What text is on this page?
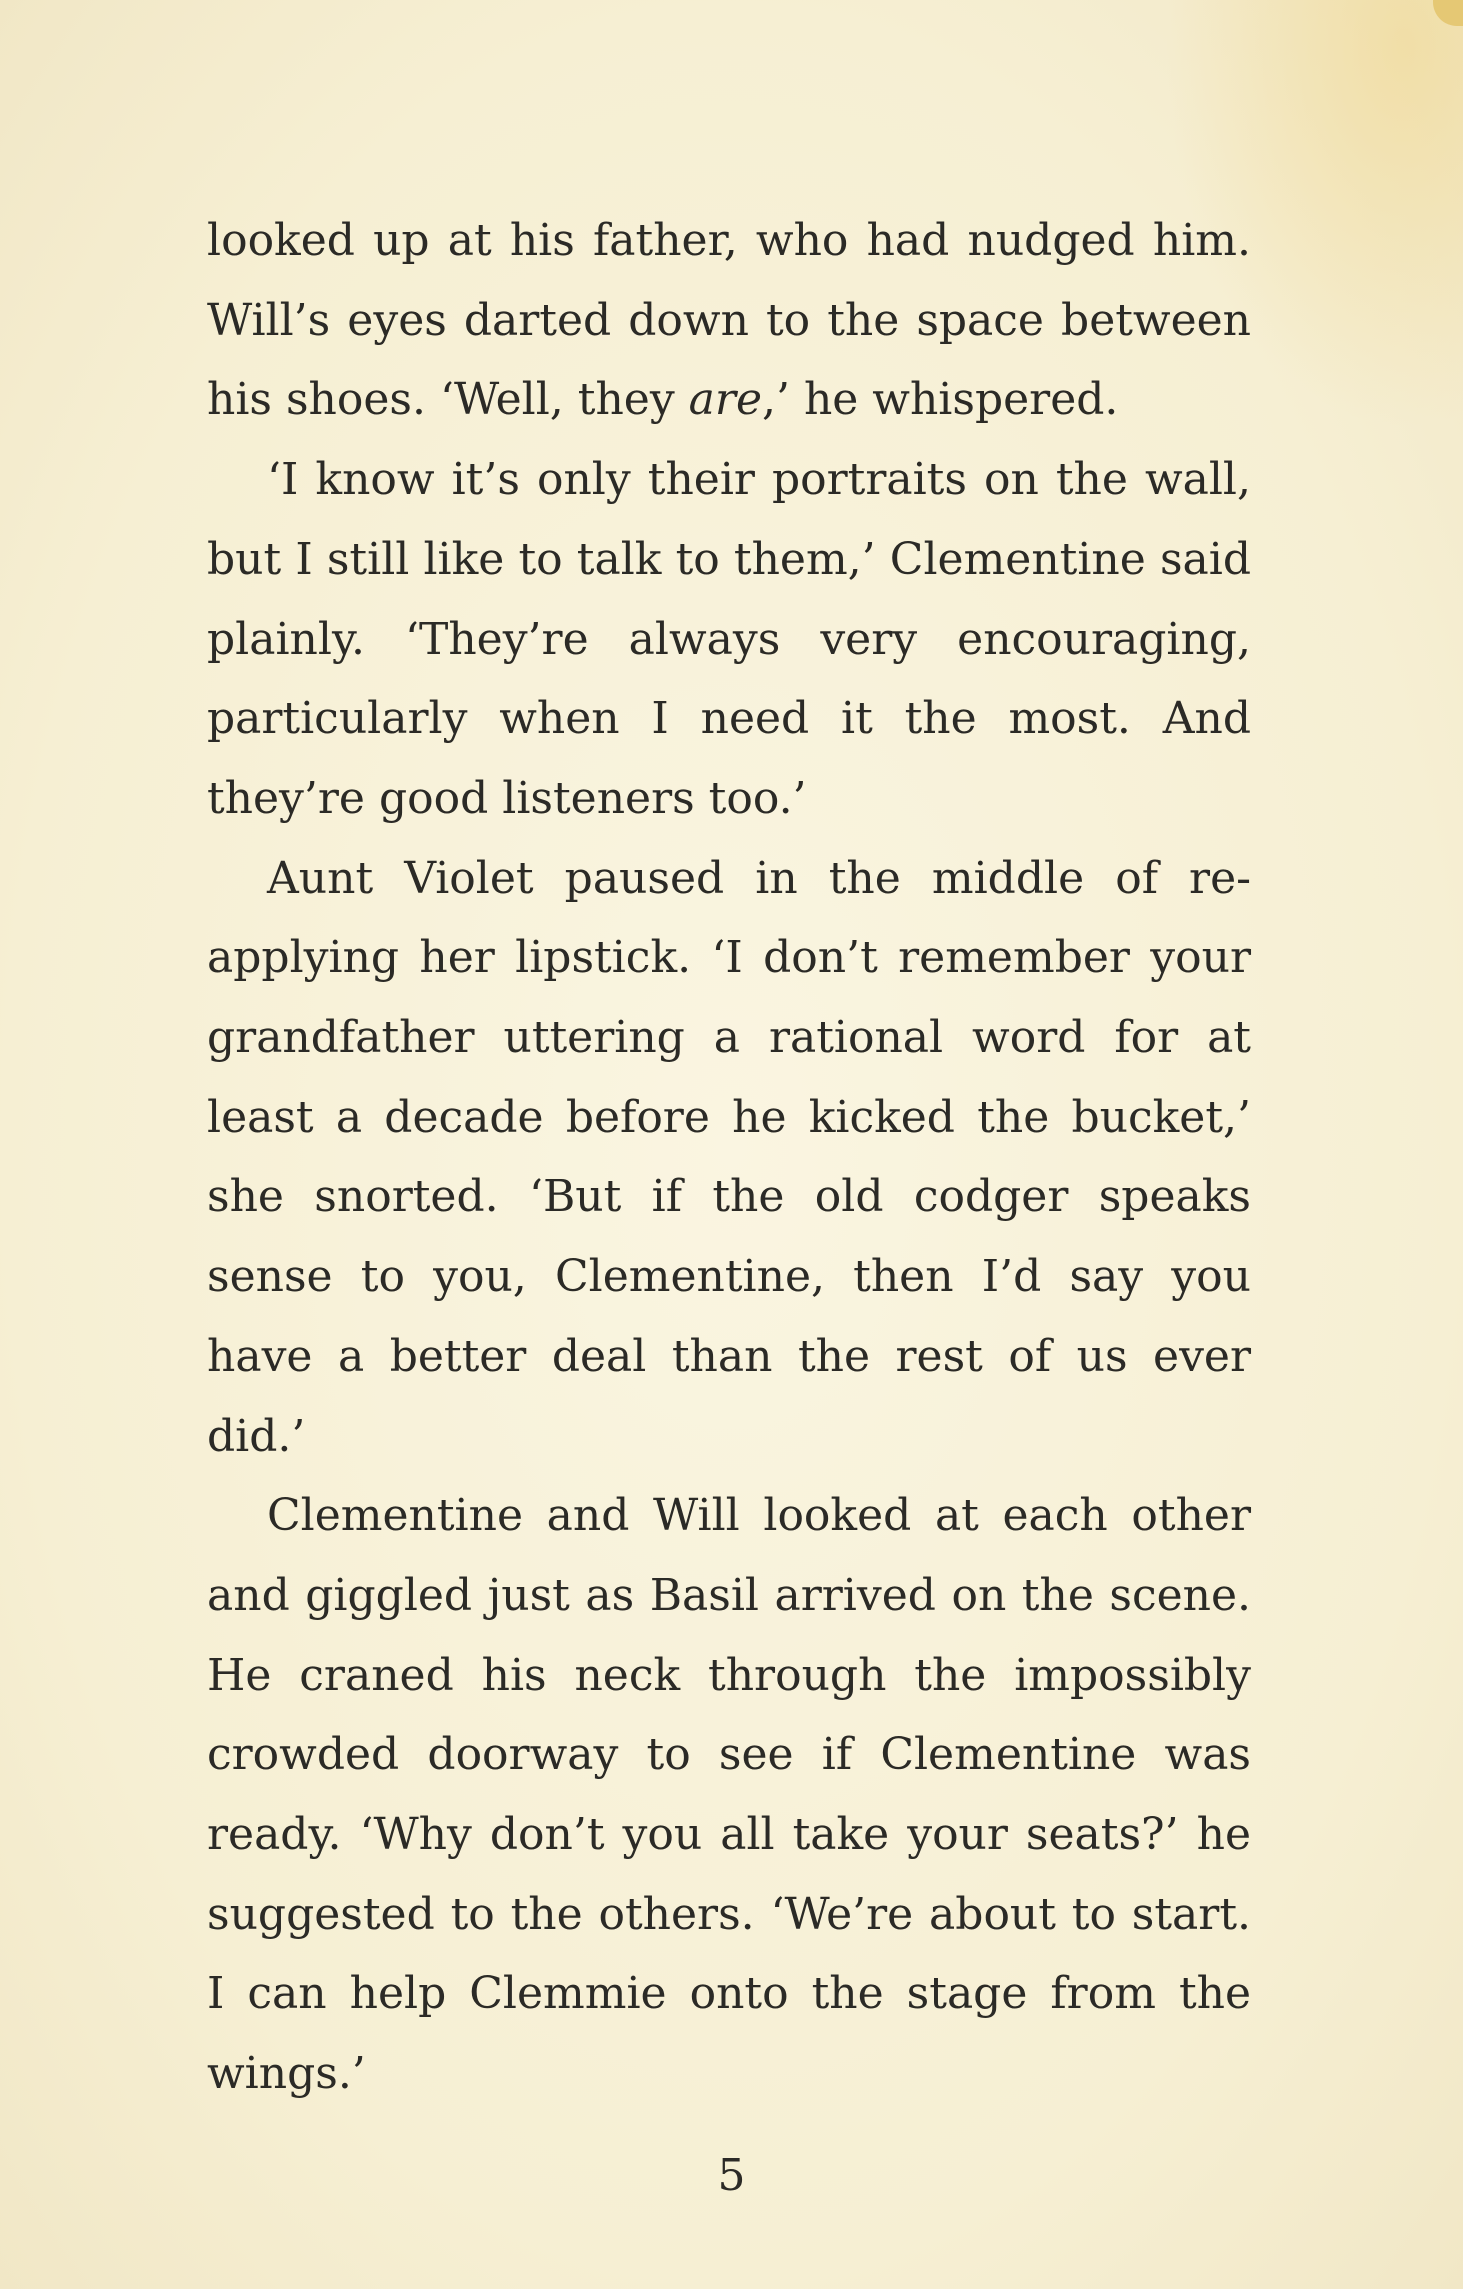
looked up at his father, who had nudged him. Will’s eyes darted down to the space between his shoes. ‘Well, they are,’ he whispered.

‘I know it’s only their portraits on the wall, but I still like to talk to them,’ Clementine said plainly. ‘They’re always very encouraging, particularly when I need it the most. And they’re good listeners too.’

Aunt Violet paused in the middle of re-applying her lipstick. ‘I don’t remember your grandfather uttering a rational word for at least a decade before he kicked the bucket,’ she snorted. ‘But if the old codger speaks sense to you, Clementine, then I’d say you have a better deal than the rest of us ever did.’

Clementine and Will looked at each other and giggled just as Basil arrived on the scene. He craned his neck through the impossibly crowded doorway to see if Clementine was ready. ‘Why don’t you all take your seats?’ he suggested to the others. ‘We’re about to start. I can help Clemmie onto the stage from the wings.’

5
